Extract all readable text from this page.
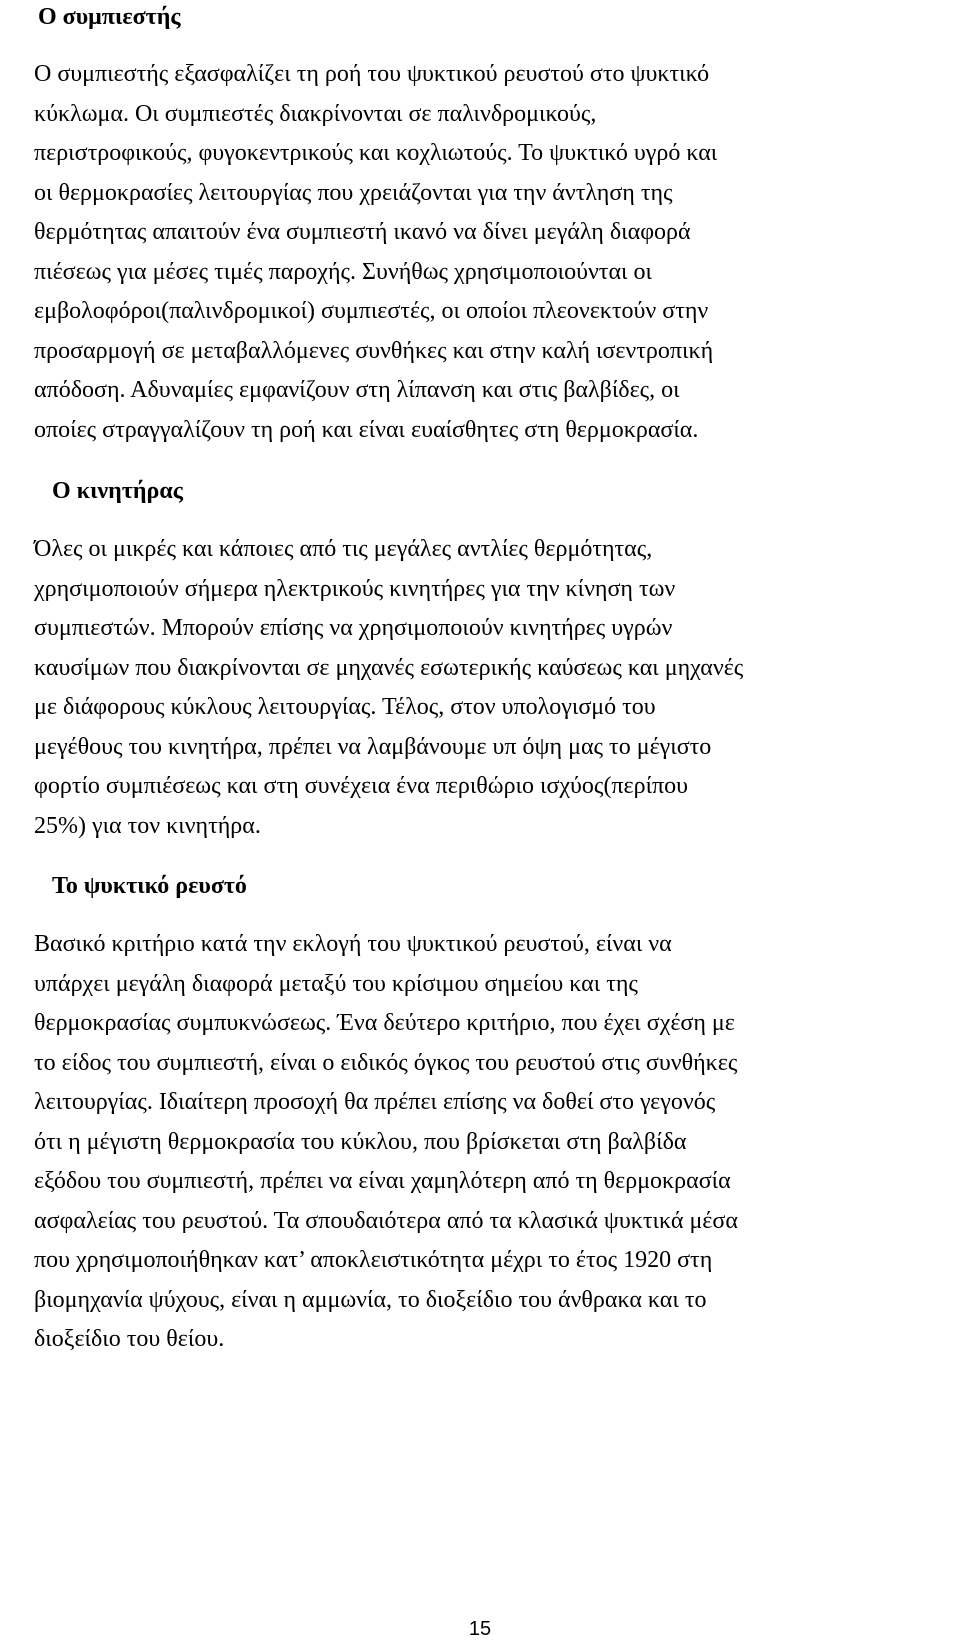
Ο συμπιεστής

Ο συμπιεστής εξασφαλίζει τη ροή του ψυκτικού ρευστού στο ψυκτικό

κύκλωμα. Οι συμπιεστές διακρίνονται σε παλινδρομικούς,

περιστροφικούς, φυγοκεντρικούς και κοχλιωτούς. Το ψυκτικό υγρό και

οι θερμοκρασίες λειτουργίας που χρειάζονται για την άντληση της

θερμότητας απαιτούν ένα συμπιεστή ικανό να δίνει μεγάλη διαφορά

πιέσεως για μέσες τιμές παροχής. Συνήθως χρησιμοποιούνται οι

εμβολοφόροι(παλινδρομικοί) συμπιεστές, οι οποίοι πλεονεκτούν στην

προσαρμογή σε μεταβαλλόμενες συνθήκες και στην καλή ισεντροπική

απόδοση. Αδυναμίες εμφανίζουν στη λίπανση και στις βαλβίδες, οι

οποίες στραγγαλίζουν τη ροή και είναι ευαίσθητες στη θερμοκρασία.

Ο κινητήρας

Όλες οι μικρές και κάποιες από τις μεγάλες αντλίες θερμότητας,

χρησιμοποιούν σήμερα ηλεκτρικούς κινητήρες για την κίνηση των

συμπιεστών. Μπορούν επίσης να χρησιμοποιούν κινητήρες υγρών

καυσίμων που διακρίνονται σε μηχανές εσωτερικής καύσεως και μηχανές

με διάφορους κύκλους λειτουργίας. Τέλος, στον υπολογισμό του

μεγέθους του κινητήρα, πρέπει να λαμβάνουμε υπ όψη μας το μέγιστο

φορτίο συμπιέσεως και στη συνέχεια ένα περιθώριο ισχύος(περίπου

25%) για τον κινητήρα.

Το ψυκτικό ρευστό

Βασικό κριτήριο κατά την εκλογή του ψυκτικού ρευστού, είναι να

υπάρχει μεγάλη διαφορά μεταξύ του κρίσιμου σημείου και της

θερμοκρασίας συμπυκνώσεως. Ένα δεύτερο κριτήριο, που έχει σχέση με

το είδος του συμπιεστή, είναι ο ειδικός όγκος του ρευστού στις συνθήκες

λειτουργίας. Ιδιαίτερη προσοχή θα πρέπει επίσης να δοθεί στο γεγονός

ότι η μέγιστη θερμοκρασία του κύκλου, που βρίσκεται στη βαλβίδα

εξόδου του συμπιεστή, πρέπει να είναι χαμηλότερη από τη θερμοκρασία

ασφαλείας του ρευστού. Τα σπουδαιότερα από τα κλασικά ψυκτικά μέσα

που χρησιμοποιήθηκαν κατ’ αποκλειστικότητα μέχρι το έτος 1920 στη

βιομηχανία ψύχους, είναι η αμμωνία, το διοξείδιο του άνθρακα και το

διοξείδιο του θείου.

15
